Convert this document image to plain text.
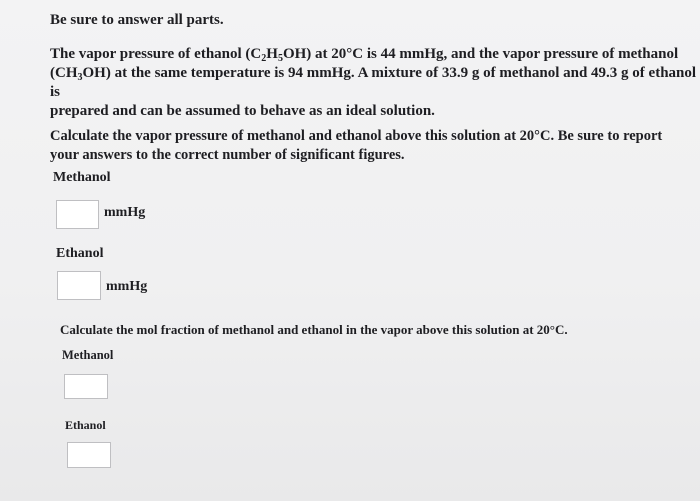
Be sure to answer all parts.
The vapor pressure of ethanol $(C_2H_5OH)$ at 20°C is 44 mmHg, and the vapor pressure of methanol
$(CH_3OH)$ at the same temperature is 94 mmHg. A mixture of 33.9 g of methanol and 49.3 g of ethanol is
prepared and can be assumed to behave as an ideal solution.
Calculate the vapor pressure of methanol and ethanol above this solution at 20°C. Be sure to report
your answers to the correct number of significant figures.
Methanol
mmHg
Ethanol
mmHg
Calculate the mol fraction of methanol and ethanol in the vapor above this solution at 20°C.
Methanol
Ethanol
